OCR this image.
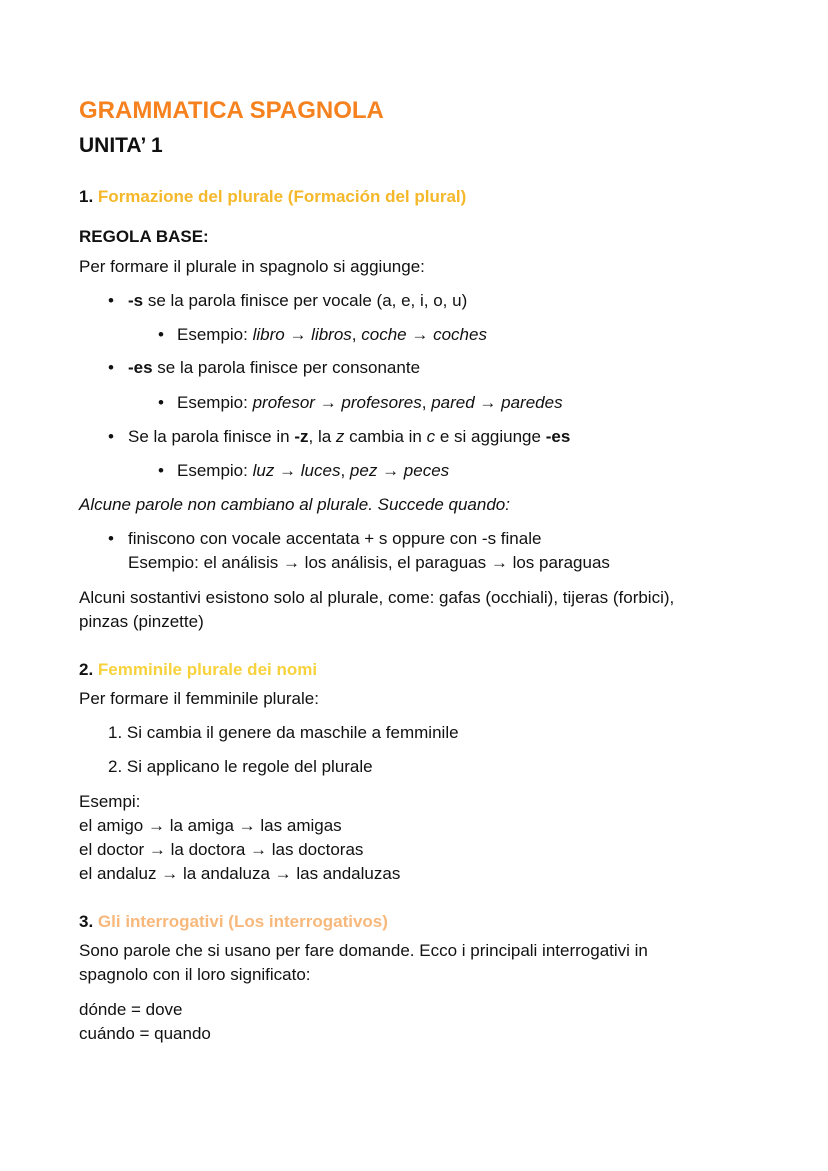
GRAMMATICA SPAGNOLA
UNITA’ 1
1. Formazione del plurale (Formación del plural)
REGOLA BASE:
Per formare il plurale in spagnolo si aggiunge:
• -s se la parola finisce per vocale (a, e, i, o, u)
• Esempio: libro → libros, coche → coches
• -es se la parola finisce per consonante
• Esempio: profesor → profesores, pared → paredes
• Se la parola finisce in -z, la z cambia in c e si aggiunge -es
• Esempio: luz → luces, pez → peces
Alcune parole non cambiano al plurale. Succede quando:
• finiscono con vocale accentata + s oppure con -s finale
Esempio: el análisis → los análisis, el paraguas → los paraguas
Alcuni sostantivi esistono solo al plurale, come: gafas (occhiali), tijeras (forbici),
pinzas (pinzette)
2. Femminile plurale dei nomi
Per formare il femminile plurale:
1. Si cambia il genere da maschile a femminile
2. Si applicano le regole del plurale
Esempi:
el amigo → la amiga → las amigas
el doctor → la doctora → las doctoras
el andaluz → la andaluza → las andaluzas
3. Gli interrogativi (Los interrogativos)
Sono parole che si usano per fare domande. Ecco i principali interrogativi in
spagnolo con il loro significato:
dónde = dove
cuándo = quando
